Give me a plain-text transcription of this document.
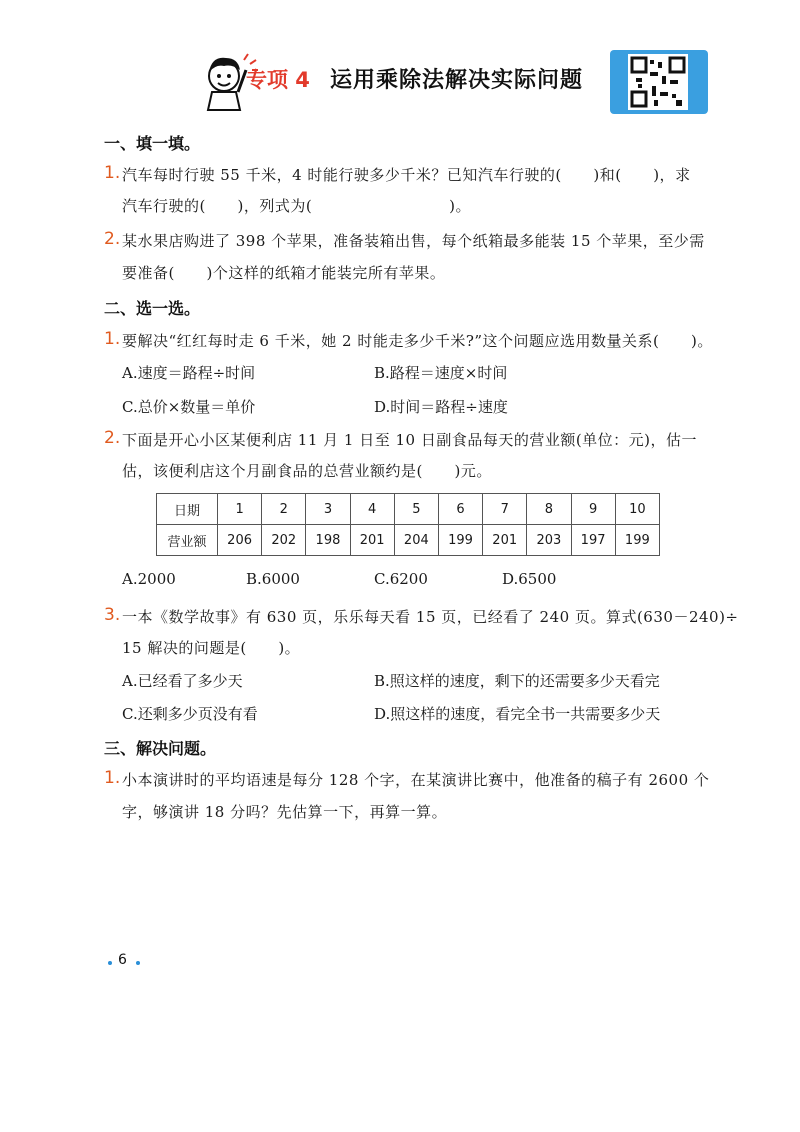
专项 4 运用乘除法解决实际问题
一、填一填。
1. 汽车每时行驶 55 千米，4 时能行驶多少千米？已知汽车行驶的(      )和(      )，求
汽车行驶的(      )，列式为(                          )。
2. 某水果店购进了 398 个苹果，准备装箱出售，每个纸箱最多能装 15 个苹果，至少需
要准备(      )个这样的纸箱才能装完所有苹果。
二、选一选。
1. 要解决“红红每时走 6 千米，她 2 时能走多少千米?”这个问题应选用数量关系(      )。
A.速度＝路程÷时间	B.路程＝速度×时间
C.总价×数量＝单价	D.时间＝路程÷速度
2. 下面是开心小区某便利店 11 月 1 日至 10 日副食品每天的营业额(单位：元)，估一
估，该便利店这个月副食品的总营业额约是(      )元。
日期	1	2	3	4	5	6	7	8	9	10
营业额	206	202	198	201	204	199	201	203	197	199
A.2000	B.6000	C.6200	D.6500
3. 一本《数学故事》有 630 页，乐乐每天看 15 页，已经看了 240 页。算式(630－240)÷
15 解决的问题是(      )。
A.已经看了多少天	B.照这样的速度，剩下的还需要多少天看完
C.还剩多少页没有看	D.照这样的速度，看完全书一共需要多少天
三、解决问题。
1. 小本演讲时的平均语速是每分 128 个字，在某演讲比赛中，他准备的稿子有 2600 个
字，够演讲 18 分吗？先估算一下，再算一算。
6
